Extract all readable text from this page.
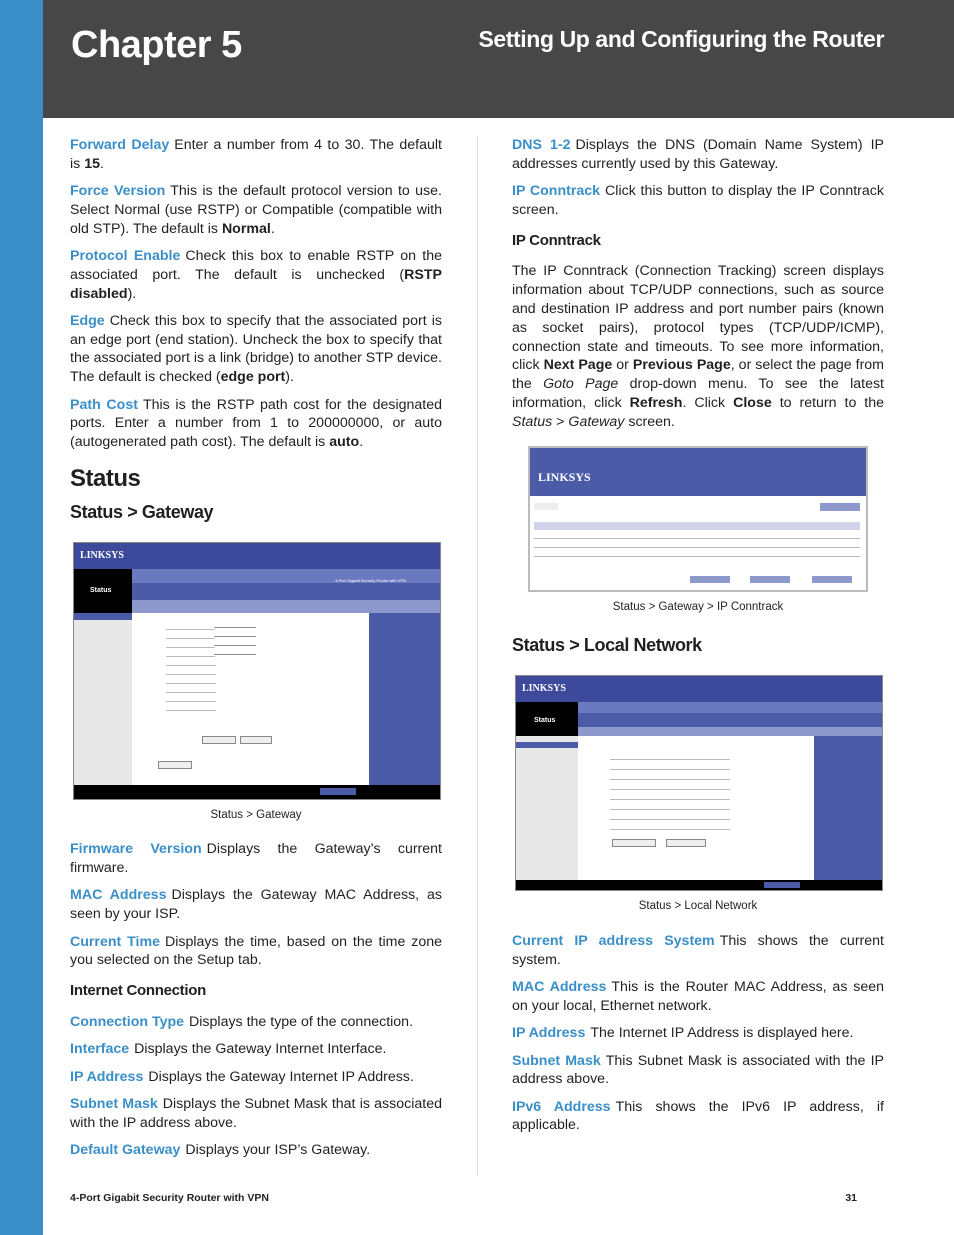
Chapter 5	Setting Up and Configuring the Router

Forward Delay Enter a number from 4 to 30. The default is 15.

Force Version This is the default protocol version to use. Select Normal (use RSTP) or Compatible (compatible with old STP). The default is Normal.

Protocol Enable Check this box to enable RSTP on the associated port. The default is unchecked (RSTP disabled).

Edge Check this box to specify that the associated port is an edge port (end station). Uncheck the box to specify that the associated port is a link (bridge) to another STP device. The default is checked (edge port).

Path Cost This is the RSTP path cost for the designated ports. Enter a number from 1 to 200000000, or auto (autogenerated path cost). The default is auto.

Status
Status > Gateway
LINKSYS
Status
4-Port Gigabit Security Router with VPN
Status > Gateway

Firmware Version Displays the Gateway’s current firmware.

MAC Address Displays the Gateway MAC Address, as seen by your ISP.

Current Time Displays the time, based on the time zone you selected on the Setup tab.

Internet Connection

Connection Type Displays the type of the connection.

Interface Displays the Gateway Internet Interface.

IP Address Displays the Gateway Internet IP Address.

Subnet Mask Displays the Subnet Mask that is associated with the IP address above.

Default Gateway Displays your ISP’s Gateway.

DNS 1-2 Displays the DNS (Domain Name System) IP addresses currently used by this Gateway.

IP Conntrack Click this button to display the IP Conntrack screen.

IP Conntrack

The IP Conntrack (Connection Tracking) screen displays information about TCP/UDP connections, such as source and destination IP address and port number pairs (known as socket pairs), protocol types (TCP/UDP/ICMP), connection state and timeouts. To see more information, click Next Page or Previous Page, or select the page from the Goto Page drop-down menu. To see the latest information, click Refresh. Click Close to return to the Status > Gateway screen.

LINKSYS
Status > Gateway > IP Conntrack
Status > Local Network
LINKSYS
Status
Status > Local Network

Current IP address System This shows the current system.

MAC Address This is the Router MAC Address, as seen on your local, Ethernet network.

IP Address The Internet IP Address is displayed here.

Subnet Mask This Subnet Mask is associated with the IP address above.

IPv6 Address This shows the IPv6 IP address, if applicable.

4-Port Gigabit Security Router with VPN	31
